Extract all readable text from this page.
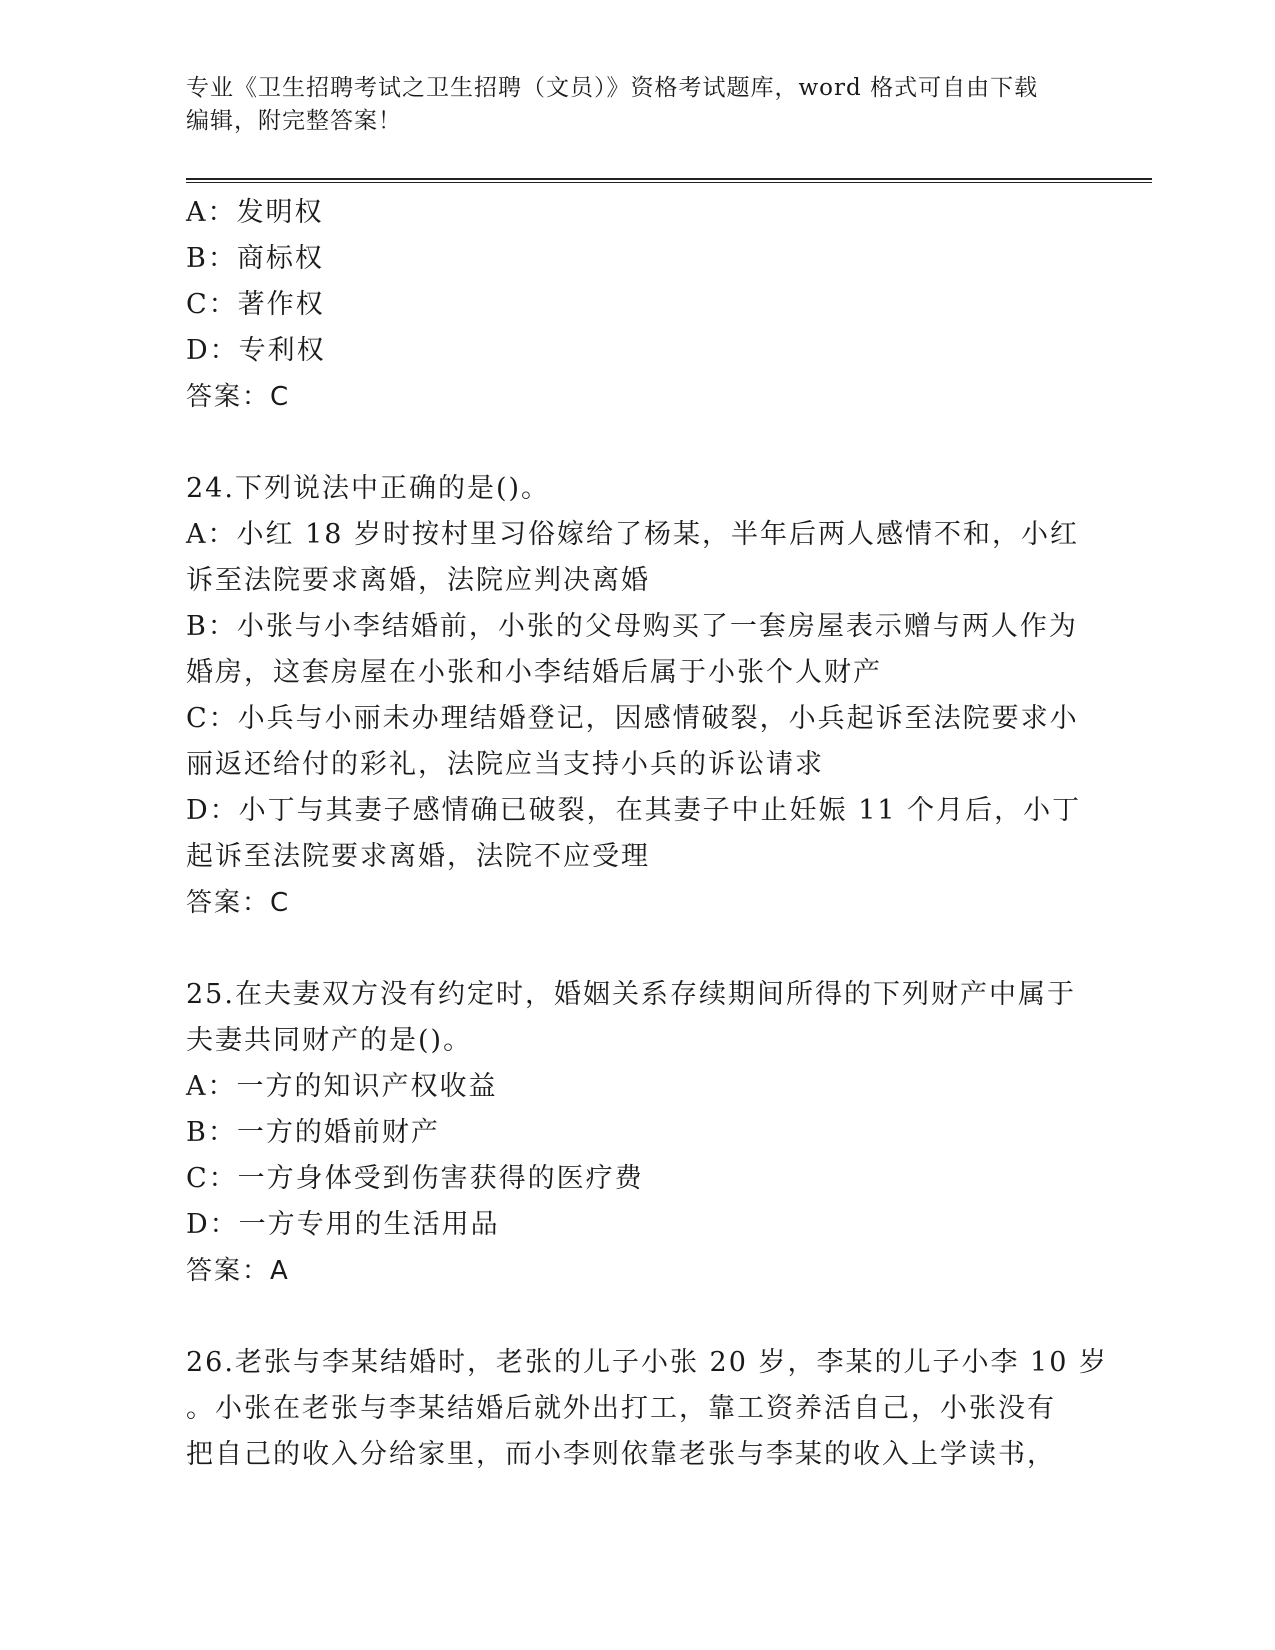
专业《卫生招聘考试之卫生招聘（文员）》资格考试题库，word 格式可自由下载
编辑，附完整答案！
A：发明权
B：商标权
C：著作权
D：专利权
答案：C
24.下列说法中正确的是()。
A：小红 18 岁时按村里习俗嫁给了杨某，半年后两人感情不和，小红
诉至法院要求离婚，法院应判决离婚
B：小张与小李结婚前，小张的父母购买了一套房屋表示赠与两人作为
婚房，这套房屋在小张和小李结婚后属于小张个人财产
C：小兵与小丽未办理结婚登记，因感情破裂，小兵起诉至法院要求小
丽返还给付的彩礼，法院应当支持小兵的诉讼请求
D：小丁与其妻子感情确已破裂，在其妻子中止妊娠 11 个月后，小丁
起诉至法院要求离婚，法院不应受理
答案：C
25.在夫妻双方没有约定时，婚姻关系存续期间所得的下列财产中属于
夫妻共同财产的是()。
A：一方的知识产权收益
B：一方的婚前财产
C：一方身体受到伤害获得的医疗费
D：一方专用的生活用品
答案：A
26.老张与李某结婚时，老张的儿子小张 20 岁，李某的儿子小李 10 岁
。小张在老张与李某结婚后就外出打工，靠工资养活自己，小张没有
把自己的收入分给家里，而小李则依靠老张与李某的收入上学读书，
